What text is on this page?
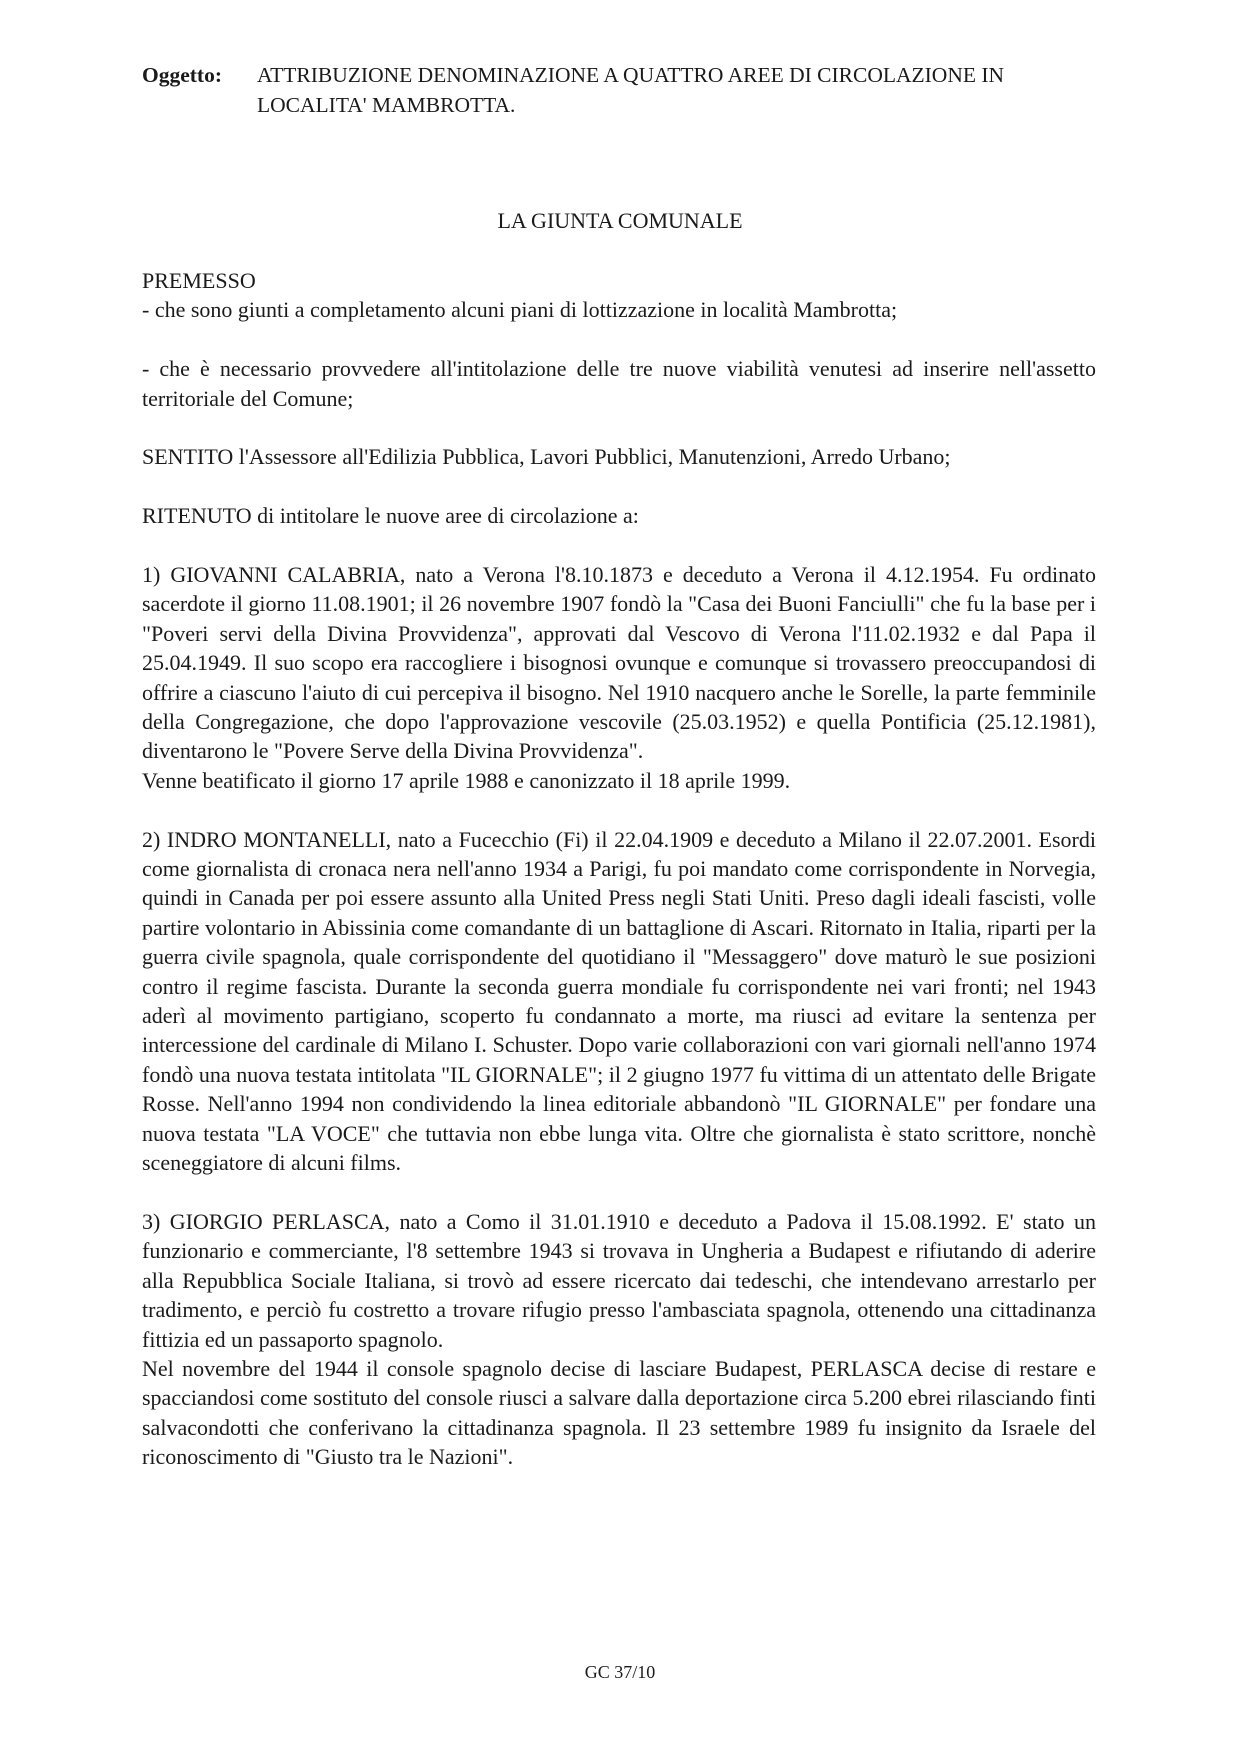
Oggetto:	ATTRIBUZIONE DENOMINAZIONE A QUATTRO AREE DI CIRCOLAZIONE IN
LOCALITA' MAMBROTTA.
LA GIUNTA COMUNALE

PREMESSO

- che sono giunti a completamento alcuni piani di lottizzazione in località Mambrotta;

- che è necessario provvedere all'intitolazione delle tre nuove viabilità venutesi ad inserire nell'assetto territoriale del Comune;

SENTITO l'Assessore all'Edilizia Pubblica, Lavori Pubblici, Manutenzioni, Arredo Urbano;

RITENUTO di intitolare le nuove aree di circolazione a:

1) GIOVANNI CALABRIA, nato a Verona l'8.10.1873 e deceduto a Verona il 4.12.1954. Fu ordinato sacerdote il giorno 11.08.1901; il 26 novembre 1907 fondò la "Casa dei Buoni Fanciulli" che fu la base per i "Poveri servi della Divina Provvidenza", approvati dal Vescovo di Verona l'11.02.1932 e dal Papa il 25.04.1949. Il suo scopo era raccogliere i bisognosi ovunque e comunque si trovassero preoccupandosi di offrire a ciascuno l'aiuto di cui percepiva il bisogno. Nel 1910 nacquero anche le Sorelle, la parte femminile della Congregazione, che dopo l'approvazione vescovile (25.03.1952) e quella Pontificia (25.12.1981), diventarono le "Povere Serve della Divina Provvidenza".

Venne beatificato il giorno 17 aprile 1988 e canonizzato il 18 aprile 1999.

2) INDRO MONTANELLI, nato a Fucecchio (Fi) il 22.04.1909 e deceduto a Milano il 22.07.2001. Esordi come giornalista di cronaca nera nell'anno 1934 a Parigi, fu poi mandato come corrispondente in Norvegia, quindi in Canada per poi essere assunto alla United Press negli Stati Uniti. Preso dagli ideali fascisti, volle partire volontario in Abissinia come comandante di un battaglione di Ascari. Ritornato in Italia, riparti per la guerra civile spagnola, quale corrispondente del quotidiano il "Messaggero" dove maturò le sue posizioni contro il regime fascista. Durante la seconda guerra mondiale fu corrispondente nei vari fronti; nel 1943 aderì al movimento partigiano, scoperto fu condannato a morte, ma riusci ad evitare la sentenza per intercessione del cardinale di Milano I. Schuster. Dopo varie collaborazioni con vari giornali nell'anno 1974 fondò una nuova testata intitolata "IL GIORNALE"; il 2 giugno 1977 fu vittima di un attentato delle Brigate Rosse. Nell'anno 1994 non condividendo la linea editoriale abbandonò "IL GIORNALE" per fondare una nuova testata "LA VOCE" che tuttavia non ebbe lunga vita. Oltre che giornalista è stato scrittore, nonchè sceneggiatore di alcuni films.

3) GIORGIO PERLASCA, nato a Como il 31.01.1910 e deceduto a Padova il 15.08.1992. E' stato un funzionario e commerciante, l'8 settembre 1943 si trovava in Ungheria a Budapest e rifiutando di aderire alla Repubblica Sociale Italiana, si trovò ad essere ricercato dai tedeschi, che intendevano arrestarlo per tradimento, e perciò fu costretto a trovare rifugio presso l'ambasciata spagnola, ottenendo una cittadinanza fittizia ed un passaporto spagnolo.

Nel novembre del 1944 il console spagnolo decise di lasciare Budapest, PERLASCA decise di restare e spacciandosi come sostituto del console riusci a salvare dalla deportazione circa 5.200 ebrei rilasciando finti salvacondotti che conferivano la cittadinanza spagnola. Il 23 settembre 1989 fu insignito da Israele del riconoscimento di "Giusto tra le Nazioni".

GC 37/10
